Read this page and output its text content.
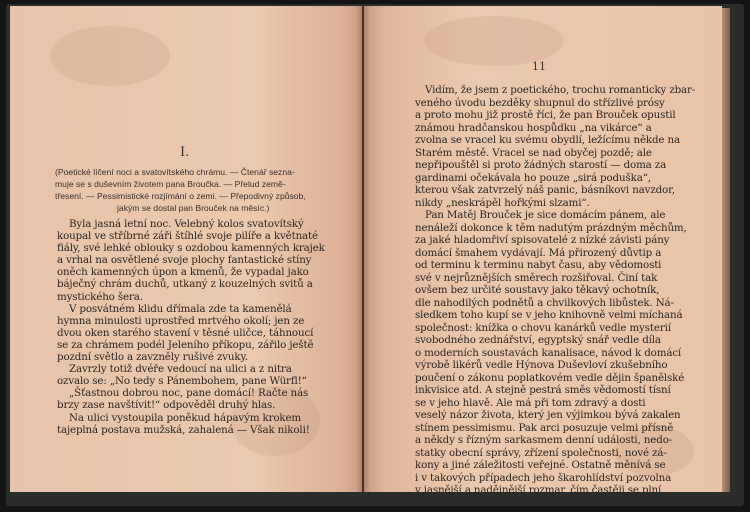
I.

(Poetické líčení noci a svatovítského chrámu. — Čtenář sezna-

muje se s duševním životem pana Broučka. — Přelud země-

třesení. — Pessimistické rozjímání o zemi. — Přepodivný způsob,

jakým se dostal pan Brouček na měsíc.)

Byla jasná letní noc. Velebný kolos svatovítský

koupal ve stříbrné záři štíhlé svoje pilíře a květnaté

fiály, své lehké oblouky s ozdobou kamenných krajek

a vrhal na osvětlené svoje plochy fantastické stíny

oněch kamenných úpon a kmenů, že vypadal jako

báječný chrám duchů, utkaný z kouzelných svitů a

mystického šera.

V posvátném klidu dřímala zde ta kamenělá

hymna minulosti uprostřed mrtvého okolí; jen ze

dvou oken starého stavení v těsné uličce, táhnoucí

se za chrámem podél Jeleního příkopu, zářilo ještě

pozdní světlo a zavzněly rušivé zvuky.

Zavrzly totiž dvéře vedoucí na ulici a z nitra

ozvalo se: „No tedy s Pánembohem, pane Würfl!“

„Šťastnou dobrou noc, pane domácí! Račte nás

brzy zase navštívit!“ odpověděl druhý hlas.

Na ulici vystoupila poněkud hápavým krokem

tajeplná postava mužská, zahalená — Však nikoli!

11

Vidím, že jsem z poetického, trochu romanticky zbar-

veného úvodu bezděky shupnul do střízlivé prósy

a proto mohu již prostě říci, že pan Brouček opustil

známou hradčanskou hospůdku „na vikárce“ a

zvolna se vracel ku svému obydlí, ležícímu někde na

Starém městě. Vracel se nad obyčej pozdě; ale

nepřipouštěl si proto žádných starostí — doma za

gardinami očekávala ho pouze „sirá poduška“,

kterou však zatvrzelý náš panic, básníkovi navzdor,

nikdy „neskrápěl hořkými slzami“.

Pan Matěj Brouček je sice domácím pánem, ale

nenáleží dokonce k těm nadutým prázdným měchům,

za jaké hladomřiví spisovatelé z nízké závisti pány

domácí šmahem vydávají. Má přirozený důvtip a

od terminu k terminu nabyt času, aby vědomosti

své v nejrůznějších směrech rozšiřoval. Činí tak

ovšem bez určité soustavy jako těkavý ochotník,

dle nahodilých podnětů a chvilkových libůstek. Ná-

sledkem toho kupí se v jeho knihovně velmi míchaná

společnost: knížka o chovu kanárků vedle mysterií

svobodného zednářství, egyptský snář vedle díla

o moderních soustavách kanalisace, návod k domácí

výrobě likérů vedle Hýnova Duševloví zkušebního

poučení o zákonu poplatkovém vedle dějin španělské

inkvisice atd. A stejně pestrá směs vědomostí tísní

se v jeho hlavě. Ale má při tom zdravý a dosti

veselý názor života, který jen výjimkou bývá zakalen

stínem pessimismu. Pak arci posuzuje velmi přísně

a někdy s řízným sarkasmem denní události, nedo-

statky obecní správy, zřízení společnosti, nové zá-

kony a jiné záležitosti veřejné. Ostatně měnívá se

i v takových případech jeho škarohlídství pozvolna

v jasnější a nadějnější rozmar, čím častěji se plní
